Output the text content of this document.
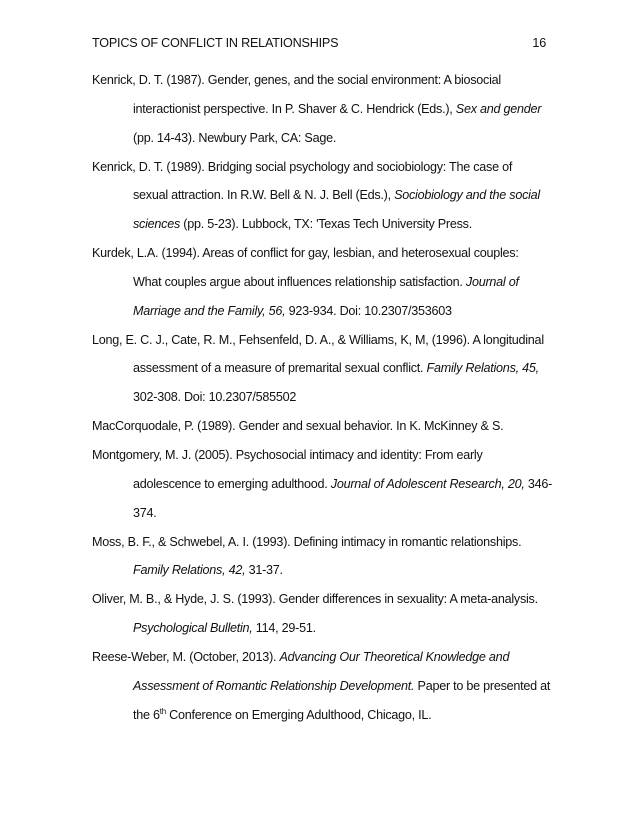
TOPICS OF CONFLICT IN RELATIONSHIPS	16
Kenrick, D. T. (1987). Gender, genes, and the social environment: A biosocial
interactionist perspective. In P. Shaver & C. Hendrick (Eds.), Sex and gender
(pp. 14-43). Newbury Park, CA: Sage.
Kenrick, D. T. (1989). Bridging social psychology and sociobiology: The case of
sexual attraction. In R.W. Bell & N. J. Bell (Eds.), Sociobiology and the social
sciences (pp. 5-23). Lubbock, TX: 'Texas Tech University Press.
Kurdek, L.A. (1994). Areas of conflict for gay, lesbian, and heterosexual couples:
What couples argue about influences relationship satisfaction. Journal of
Marriage and the Family, 56, 923-934. Doi: 10.2307/353603
Long, E. C. J., Cate, R. M., Fehsenfeld, D. A., & Williams, K, M, (1996). A longitudinal
assessment of a measure of premarital sexual conflict. Family Relations, 45,
302-308. Doi: 10.2307/585502
MacCorquodale, P. (1989). Gender and sexual behavior. In K. McKinney & S.
Montgomery, M. J. (2005). Psychosocial intimacy and identity: From early
adolescence to emerging adulthood. Journal of Adolescent Research, 20, 346-
374.
Moss, B. F., & Schwebel, A. I. (1993). Defining intimacy in romantic relationships.
Family Relations, 42, 31-37.
Oliver, M. B., & Hyde, J. S. (1993). Gender differences in sexuality: A meta-analysis.
Psychological Bulletin, 114, 29-51.
Reese-Weber, M. (October, 2013). Advancing Our Theoretical Knowledge and
Assessment of Romantic Relationship Development. Paper to be presented at
the 6th Conference on Emerging Adulthood, Chicago, IL.
